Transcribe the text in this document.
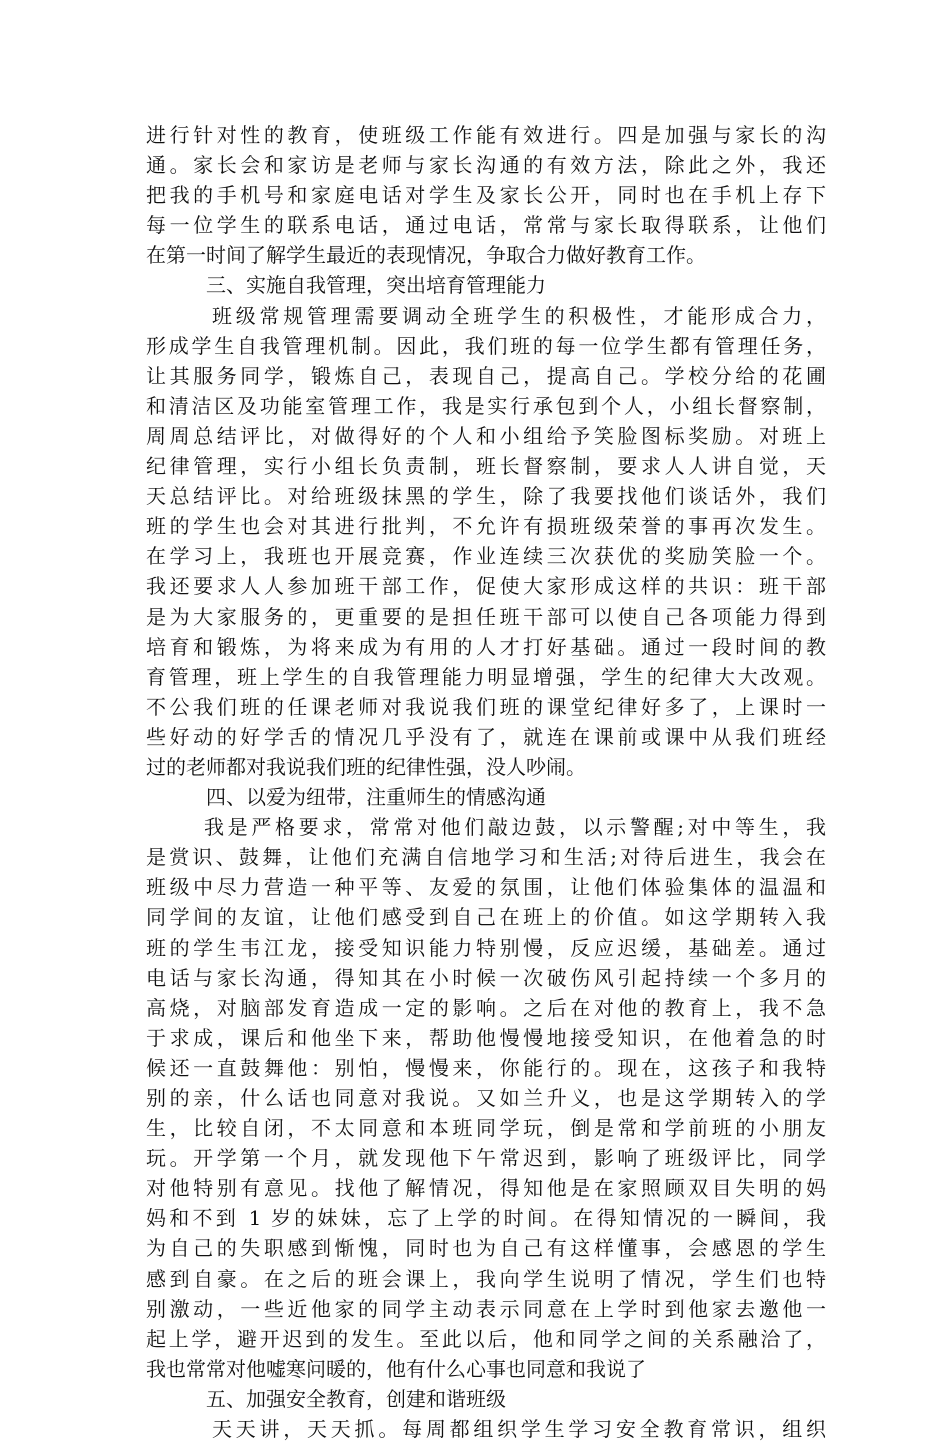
进行针对性的教育，使班级工作能有效进行。四是加强与家长的沟
通。家长会和家访是老师与家长沟通的有效方法，除此之外，我还
把我的手机号和家庭电话对学生及家长公开，同时也在手机上存下
每一位学生的联系电话，通过电话，常常与家长取得联系，让他们
在第一时间了解学生最近的表现情况，争取合力做好教育工作。
三、实施自我管理，突出培育管理能力
班级常规管理需要调动全班学生的积极性，才能形成合力，
形成学生自我管理机制。因此，我们班的每一位学生都有管理任务，
让其服务同学，锻炼自己，表现自己，提高自己。学校分给的花圃
和清洁区及功能室管理工作，我是实行承包到个人，小组长督察制，
周周总结评比，对做得好的个人和小组给予笑脸图标奖励。对班上
纪律管理，实行小组长负责制，班长督察制，要求人人讲自觉，天
天总结评比。对给班级抹黑的学生，除了我要找他们谈话外，我们
班的学生也会对其进行批判，不允许有损班级荣誉的事再次发生。
在学习上，我班也开展竞赛，作业连续三次获优的奖励笑脸一个。
我还要求人人参加班干部工作，促使大家形成这样的共识：班干部
是为大家服务的，更重要的是担任班干部可以使自己各项能力得到
培育和锻炼，为将来成为有用的人才打好基础。通过一段时间的教
育管理，班上学生的自我管理能力明显增强，学生的纪律大大改观。
不公我们班的任课老师对我说我们班的课堂纪律好多了，上课时一
些好动的好学舌的情况几乎没有了，就连在课前或课中从我们班经
过的老师都对我说我们班的纪律性强，没人吵闹。
四、以爱为纽带，注重师生的情感沟通
我是严格要求，常常对他们敲边鼓，以示警醒;对中等生，我
是赏识、鼓舞，让他们充满自信地学习和生活;对待后进生，我会在
班级中尽力营造一种平等、友爱的氛围，让他们体验集体的温温和
同学间的友谊，让他们感受到自己在班上的价值。如这学期转入我
班的学生韦江龙，接受知识能力特别慢，反应迟缓，基础差。通过
电话与家长沟通，得知其在小时候一次破伤风引起持续一个多月的
高烧，对脑部发育造成一定的影响。之后在对他的教育上，我不急
于求成，课后和他坐下来，帮助他慢慢地接受知识，在他着急的时
候还一直鼓舞他：别怕，慢慢来，你能行的。现在，这孩子和我特
别的亲，什么话也同意对我说。又如兰升义，也是这学期转入的学
生，比较自闭，不太同意和本班同学玩，倒是常和学前班的小朋友
玩。开学第一个月，就发现他下午常迟到，影响了班级评比，同学
对他特别有意见。找他了解情况，得知他是在家照顾双目失明的妈
妈和不到 1 岁的妹妹，忘了上学的时间。在得知情况的一瞬间，我
为自己的失职感到惭愧，同时也为自己有这样懂事，会感恩的学生
感到自豪。在之后的班会课上，我向学生说明了情况，学生们也特
别激动，一些近他家的同学主动表示同意在上学时到他家去邀他一
起上学，避开迟到的发生。至此以后，他和同学之间的关系融洽了，
我也常常对他嘘寒问暖的，他有什么心事也同意和我说了
五、加强安全教育，创建和谐班级
天天讲，天天抓。每周都组织学生学习安全教育常识，组织
